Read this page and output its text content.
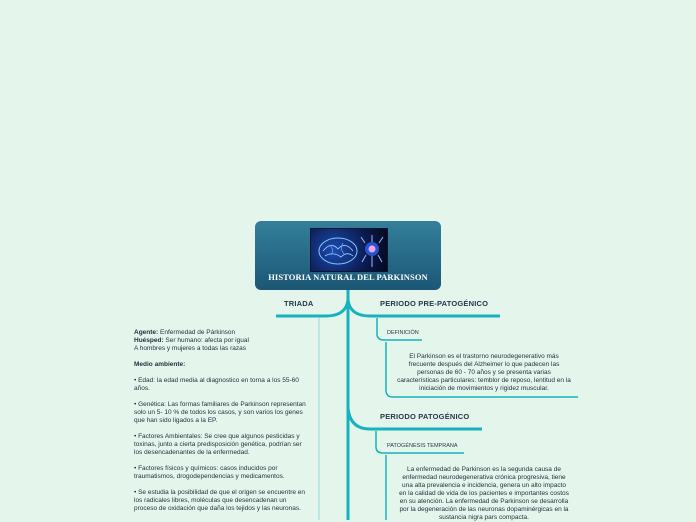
HISTORIA NATURAL DEL PARKINSON
TRIADA
Agente: Enfermedad de Párkinson
Huésped: Ser humano: afecta por igual
A hombres y mujeres a todas las razas
Medio ambiente:
• Edad: la edad media al diagnostico en torna a los 55-60 años.
• Genética: Las formas familiares de Parkinson representan solo un 5- 10 % de todos los casos, y son varios los genes que han sido ligados a la EP.
• Factores Ambientales: Se cree que algunos pesticidas y toxinas, junto a cierta predisposición genética, podrían ser los desencadenantes de la enfermedad.
• Factores físicos y químicos: casos inducidos por traumatismos, drogodependencias y medicamentos.
• Se estudia la posibilidad de que el origen se encuentre en los radicales libres, moléculas que desencadenan un proceso de oxidación que daña los tejidos y las neuronas.
PERIODO PRE-PATOGÉNICO
DEFINICIÓN
El Parkinson es el trastorno neurodegenerativo más frecuente después del Alzheimer lo que padecen las personas de 60 - 70 años y se presenta varias características particulares: temblor de reposo, lentitud en la iniciación de movimientos y rigidez muscular.
PERIODO PATOGÉNICO
PATOGÉNESIS TEMPRANA
La enfermedad de Parkinson es la segunda causa de enfermedad neurodegenerativa crónica progresiva, tiene una alta prevalencia e incidencia, genera un alto impacto en la calidad de vida de los pacientes e importantes costos en su atención. La enfermedad de Parkinson se desarrolla por la degeneración de las neuronas dopaminérgicas en la sustancia nigra pars compacta.
